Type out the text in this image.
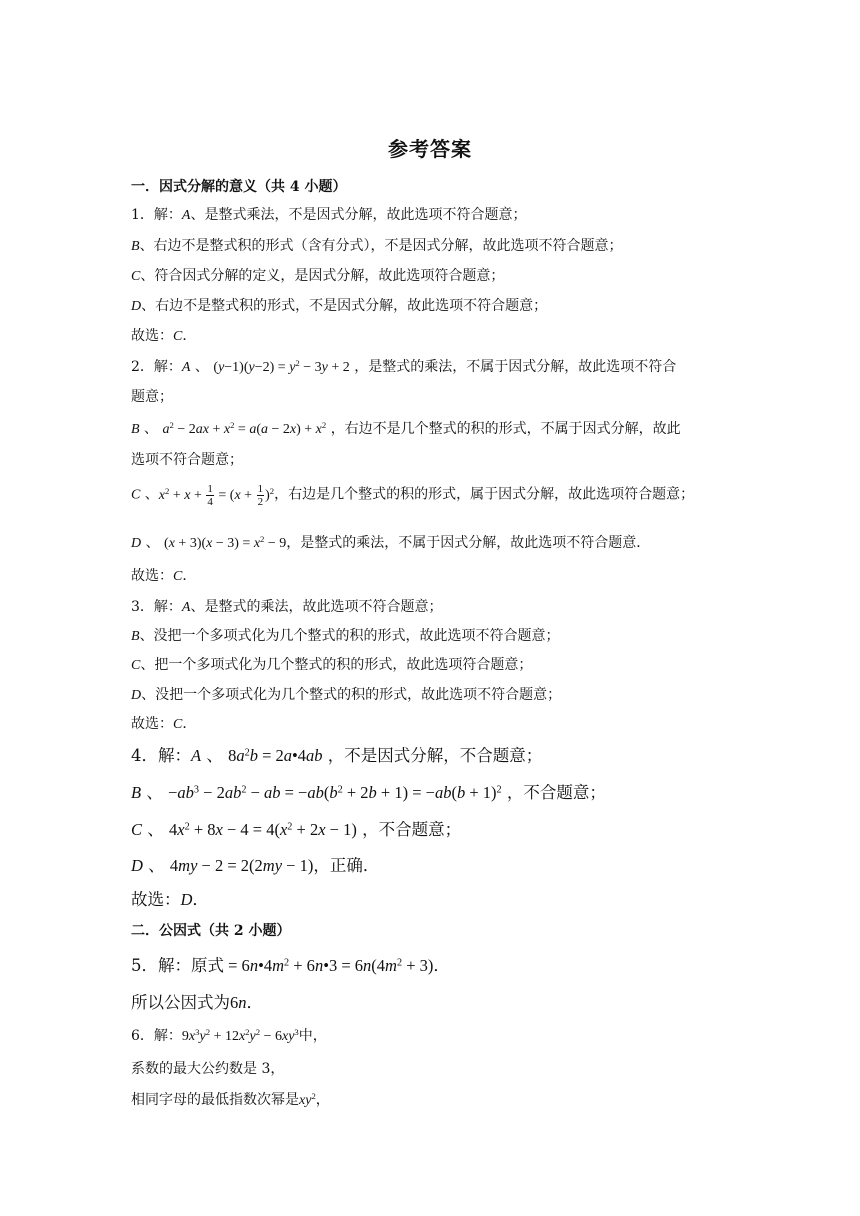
参考答案
一．因式分解的意义（共 4 小题）
1．解：A、是整式乘法，不是因式分解，故此选项不符合题意；
B、右边不是整式积的形式（含有分式），不是因式分解，故此选项不符合题意；
C、符合因式分解的定义，是因式分解，故此选项符合题意；
D、右边不是整式积的形式，不是因式分解，故此选项不符合题意；
故选：C．
2．解：A 、 $(y-1)(y-2) = y^2 - 3y + 2$ ，是整式的乘法，不属于因式分解，故此选项不符合
题意；
B 、 $a^2 - 2ax + x^2 = a(a - 2x) + x^2$ ，右边不是几个整式的积的形式，不属于因式分解，故此
选项不符合题意；
C 、$x^2 + x + \frac{1}{4} = (x + \frac{1}{2} )^2$，右边是几个整式的积的形式，属于因式分解，故此选项符合题意；
D 、 $(x + 3)(x - 3) = x^2 - 9$，是整式的乘法，不属于因式分解，故此选项不符合题意．
故选：C．
3．解：A、是整式的乘法，故此选项不符合题意；
B、没把一个多项式化为几个整式的积的形式，故此选项不符合题意；
C、把一个多项式化为几个整式的积的形式，故此选项符合题意；
D、没把一个多项式化为几个整式的积的形式，故此选项不符合题意；
故选：C．
4．解：A 、 $8a^2b$ = 2a•4ab ，不是因式分解，不合题意；
B 、 $-ab^3 - 2ab^2$ − ab = $-ab(b^2 + 2b + 1) = -ab(b + 1)^2$ ，不合题意；
C 、 $4x^2 + 8x - 4 = 4(x^2 + 2x - 1)$ ，不合题意；
D 、 4my − 2 = 2(2my − 1)，正确．
故选：D．
二．公因式（共 2 小题）
5．解：原式 = $6n•4m^2$ + 6n•3 = $6n(4m^2 + 3)$．
所以公因式为6n．
6．解：$9x^3y^2 + 12x^2y^2 - 6xy^3$中，
系数的最大公约数是 3，
相同字母的最低指数次幂是$xy^2$，
